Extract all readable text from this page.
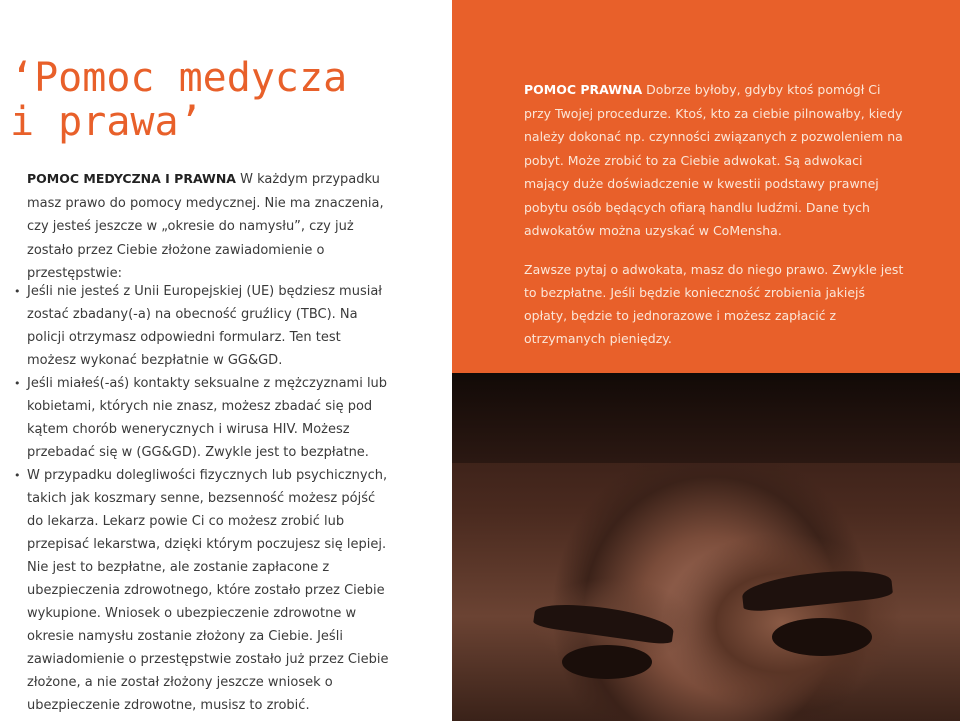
‘Pomoc medycza
i prawa’

POMOC MEDYCZNA I PRAWNA W każdym przypadku masz prawo do pomocy medycznej. Nie ma znaczenia, czy jesteś jeszcze w „okresie do namysłu”, czy już zostało przez Ciebie złożone zawiadomienie o przestępstwie:

• Jeśli nie jesteś z Unii Europejskiej (UE) będziesz musiał zostać zbadany(-a) na obecność gruźlicy (TBC). Na policji otrzymasz odpowiedni formularz. Ten test możesz wykonać bezpłatnie w GG&GD.
• Jeśli miałeś(-aś) kontakty seksualne z mężczyznami lub kobietami, których nie znasz, możesz zbadać się pod kątem chorób wenerycznych i wirusa HIV. Możesz przebadać się w (GG&GD). Zwykle jest to bezpłatne.
• W przypadku dolegliwości fizycznych lub psychicznych, takich jak koszmary senne, bezsenność możesz pójść do lekarza. Lekarz powie Ci co możesz zrobić lub przepisać lekarstwa, dzięki którym poczujesz się lepiej. Nie jest to bezpłatne, ale zostanie zapłacone z ubezpieczenia zdrowotnego, które zostało przez Ciebie wykupione. Wniosek o ubezpieczenie zdrowotne w okresie namysłu zostanie złożony za Ciebie. Jeśli zawiadomienie o przestępstwie zostało już przez Ciebie złożone, a nie został złożony jeszcze wniosek o ubezpieczenie zdrowotne, musisz to zrobić.

POMOC PRAWNA Dobrze byłoby, gdyby ktoś pomógł Ci przy Twojej procedurze. Ktoś, kto za ciebie pilnowałby, kiedy należy dokonać np. czynności związanych z pozwoleniem na pobyt. Może zrobić to za Ciebie adwokat. Są adwokaci mający duże doświadczenie w kwestii podstawy prawnej pobytu osób będących ofiarą handlu ludźmi. Dane tych adwokatów można uzyskać w CoMensha.

Zawsze pytaj o adwokata, masz do niego prawo. Zwykle jest to bezpłatne. Jeśli będzie konieczność zrobienia jakiejś opłaty, będzie to jednorazowe i możesz zapłacić z otrzymanych pieniędzy.
